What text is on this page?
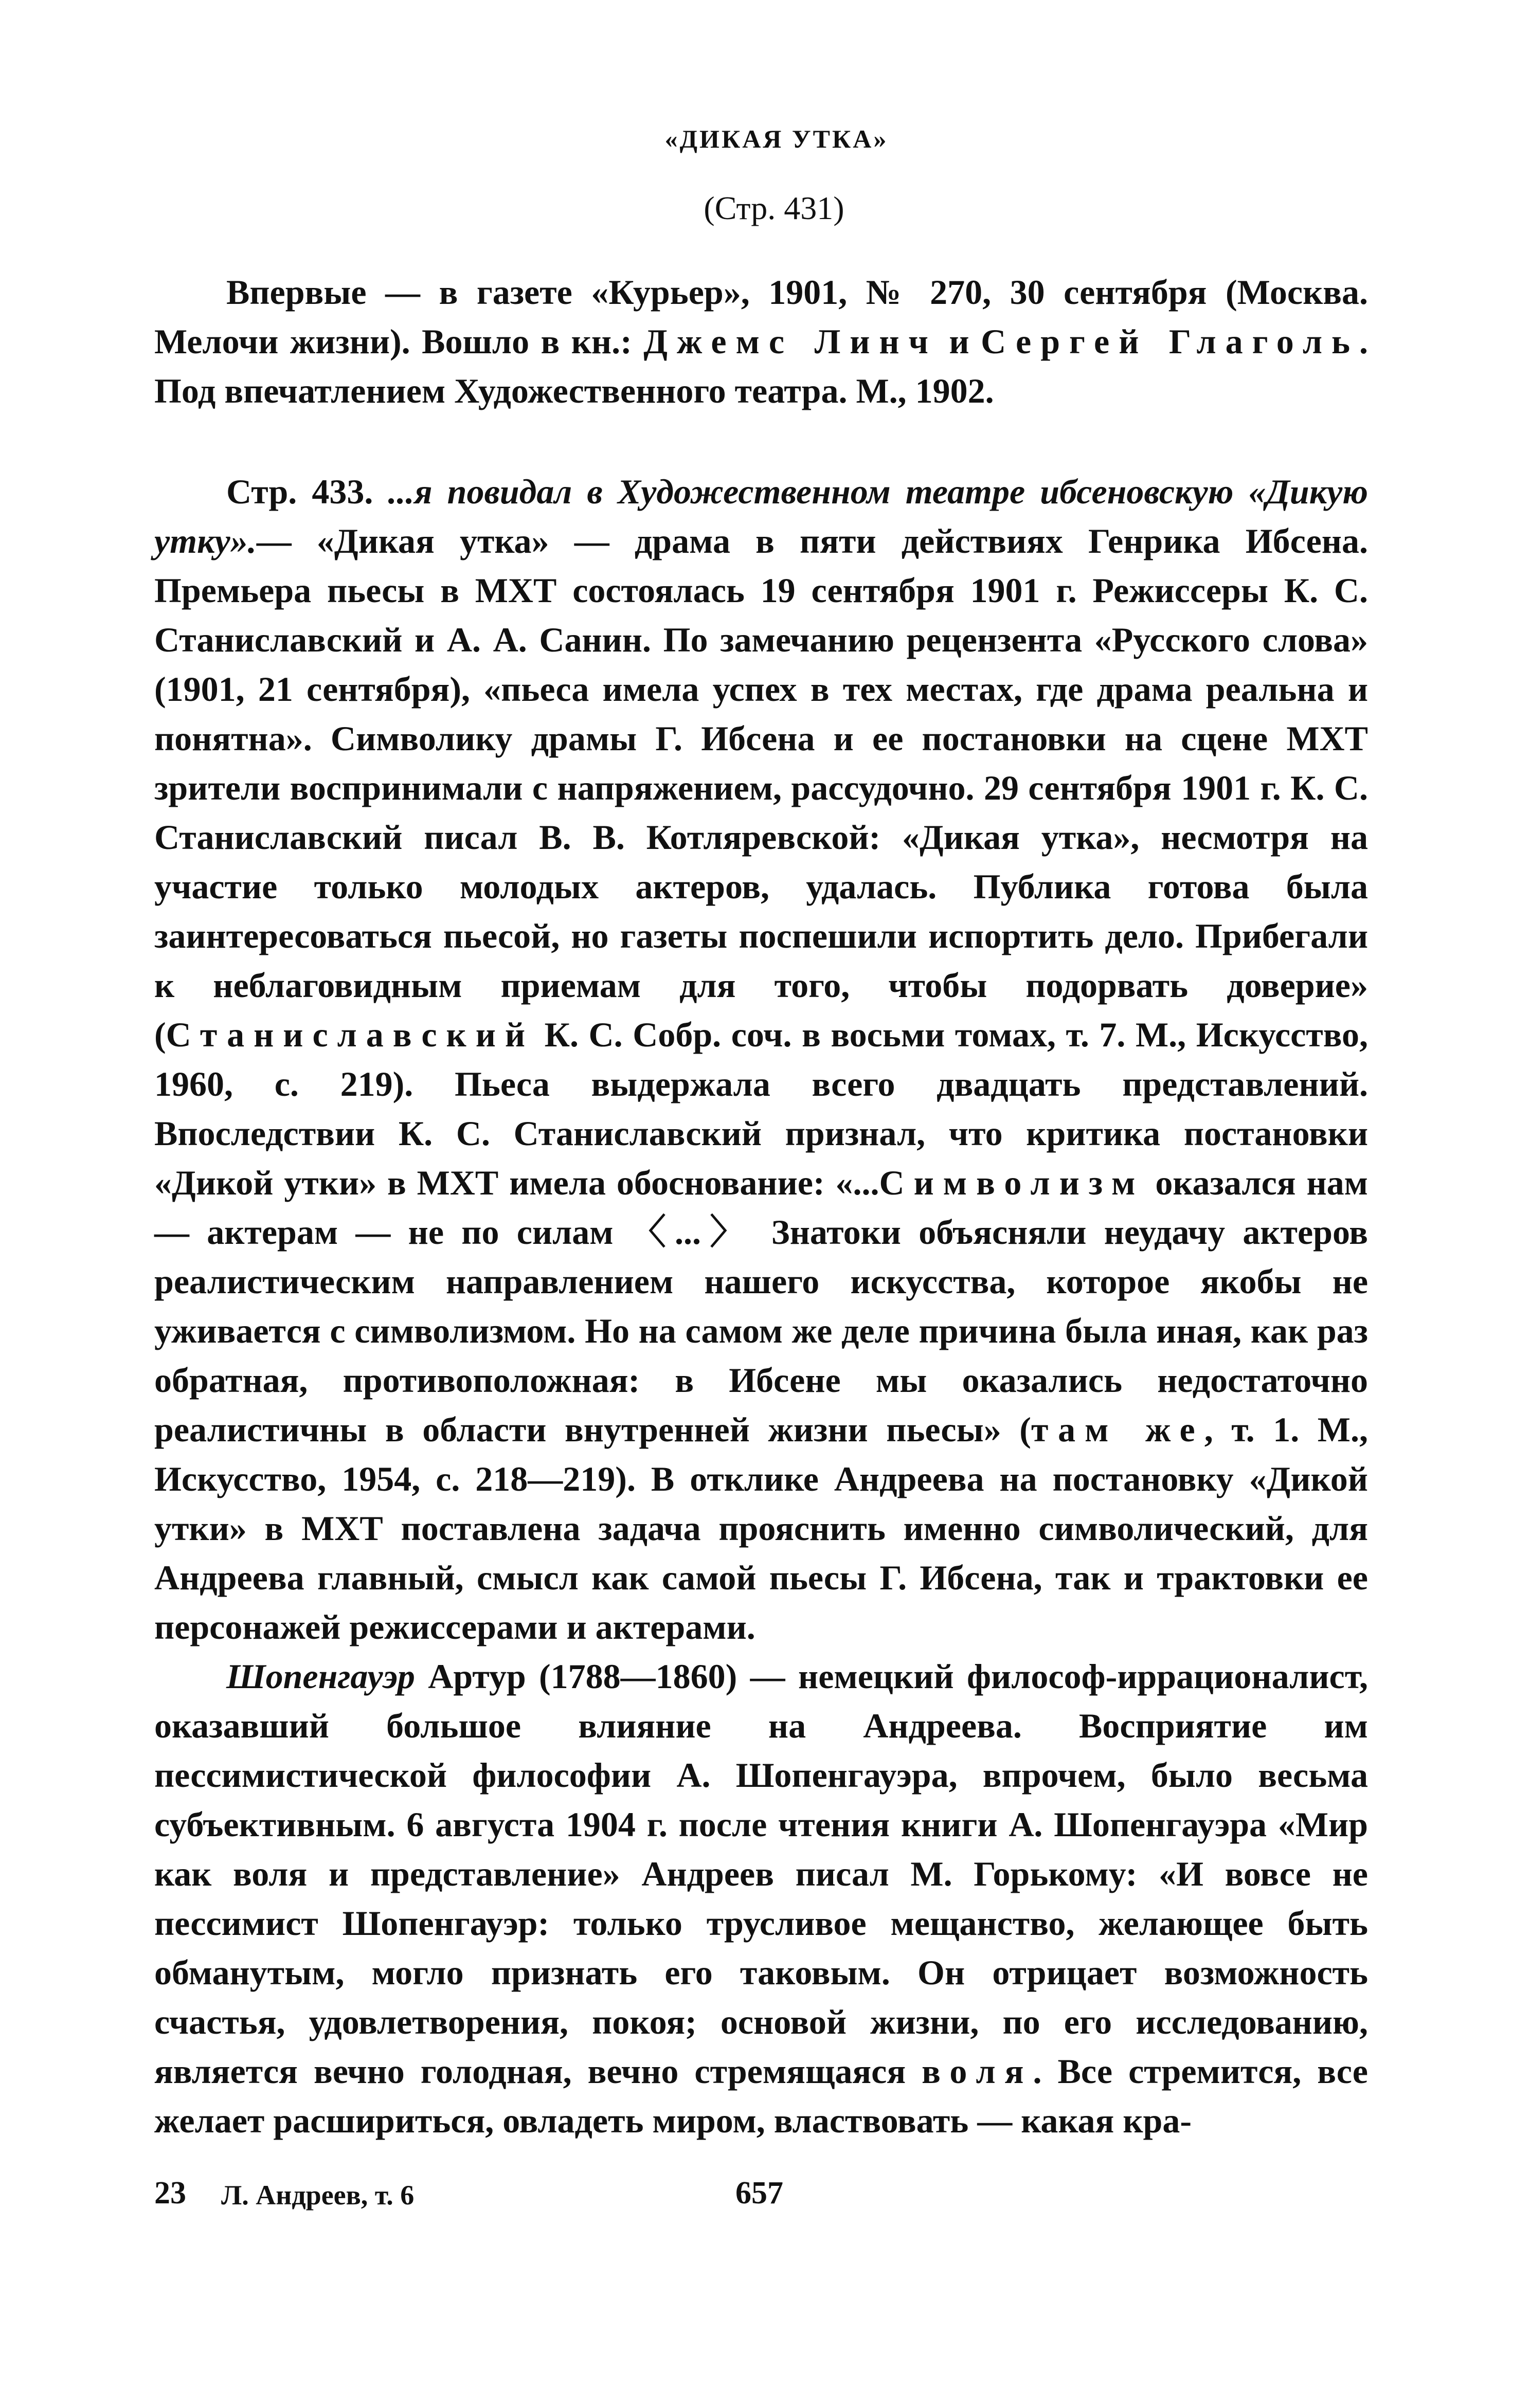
«ДИКАЯ УТКА»
(Стр. 431)

Впервые — в газете «Курьер», 1901, № 270, 30 сентября (Москва. Мелочи жизни). Вошло в кн.: Джемс Линч и Сергей Глаголь. Под впечатлением Художественного театра. М., 1902.

Стр. 433. ...я повидал в Художественном театре ибсеновскую «Дикую утку».— «Дикая утка» — драма в пяти действиях Генрика Ибсена. Премьера пьесы в МХТ состоялась 19 сентября 1901 г. Режиссеры К. С. Станиславский и А. А. Санин. По замечанию рецензента «Русского слова» (1901, 21 сентября), «пьеса имела успех в тех местах, где драма реальна и понятна». Символику драмы Г. Ибсена и ее постановки на сцене МХТ зрители воспринимали с напряжением, рассудочно. 29 сентября 1901 г. К. С. Станиславский писал В. В. Котляревской: «Дикая утка», несмотря на участие только молодых актеров, удалась. Публика готова была заинтересоваться пьесой, но газеты поспешили испортить дело. Прибегали к неблаговидным приемам для того, чтобы подорвать доверие» (Станиславский К. С. Собр. соч. в восьми томах, т. 7. М., Искусство, 1960, с. 219). Пьеса выдержала всего двадцать представлений. Впоследствии К. С. Станиславский признал, что критика постановки «Дикой утки» в МХТ имела обоснование: «...Символизм оказался нам — актерам — не по силам 〈...〉 Знатоки объясняли неудачу актеров реалистическим направлением нашего искусства, которое якобы не уживается с символизмом. Но на самом же деле причина была иная, как раз обратная, противоположная: в Ибсене мы оказались недостаточно реалистичны в области внутренней жизни пьесы» (там же, т. 1. М., Искусство, 1954, с. 218—219). В отклике Андреева на постановку «Дикой утки» в МХТ поставлена задача прояснить именно символический, для Андреева главный, смысл как самой пьесы Г. Ибсена, так и трактовки ее персонажей режиссерами и актерами.

Шопенгауэр Артур (1788—1860) — немецкий философ-иррационалист, оказавший большое влияние на Андреева. Восприятие им пессимистической философии А. Шопенгауэра, впрочем, было весьма субъективным. 6 августа 1904 г. после чтения книги А. Шопенгауэра «Мир как воля и представление» Андреев писал М. Горькому: «И вовсе не пессимист Шопенгауэр: только трусливое мещанство, желающее быть обманутым, могло признать его таковым. Он отрицает возможность счастья, удовлетворения, покоя; основой жизни, по его исследованию, является вечно голодная, вечно стремящаяся воля. Все стремится, все желает расшириться, овладеть миром, властвовать — какая кра-

23 Л. Андреев, т. 6	657
